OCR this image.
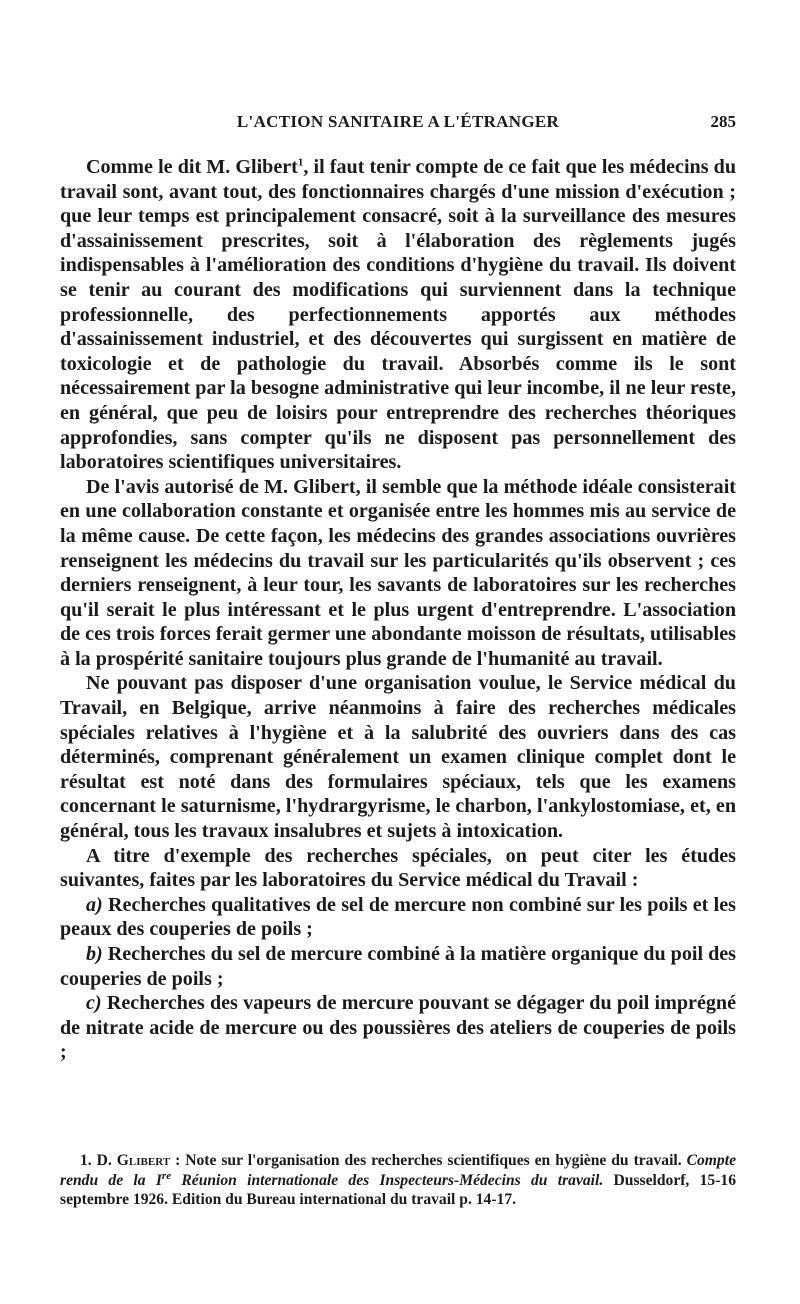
L'ACTION SANITAIRE A L'ÉTRANGER	285

Comme le dit M. Glibert$^1$, il faut tenir compte de ce fait que les médecins du travail sont, avant tout, des fonctionnaires chargés d'une mission d'exécution ; que leur temps est principalement consacré, soit à la surveillance des mesures d'assainissement prescrites, soit à l'élaboration des règlements jugés indispensables à l'amélioration des conditions d'hygiène du travail. Ils doivent se tenir au courant des modifications qui surviennent dans la technique professionnelle, des perfectionnements apportés aux méthodes d'assainissement industriel, et des découvertes qui surgissent en matière de toxicologie et de pathologie du travail. Absorbés comme ils le sont nécessairement par la besogne administrative qui leur incombe, il ne leur reste, en général, que peu de loisirs pour entreprendre des recherches théoriques approfondies, sans compter qu'ils ne disposent pas personnellement des laboratoires scientifiques universitaires.

De l'avis autorisé de M. Glibert, il semble que la méthode idéale consisterait en une collaboration constante et organisée entre les hommes mis au service de la même cause. De cette façon, les médecins des grandes associations ouvrières renseignent les médecins du travail sur les particularités qu'ils observent ; ces derniers renseignent, à leur tour, les savants de laboratoires sur les recherches qu'il serait le plus intéressant et le plus urgent d'entreprendre. L'association de ces trois forces ferait germer une abondante moisson de résultats, utilisables à la prospérité sanitaire toujours plus grande de l'humanité au travail.

Ne pouvant pas disposer d'une organisation voulue, le Service médical du Travail, en Belgique, arrive néanmoins à faire des recherches médicales spéciales relatives à l'hygiène et à la salubrité des ouvriers dans des cas déterminés, comprenant généralement un examen clinique complet dont le résultat est noté dans des formulaires spéciaux, tels que les examens concernant le saturnisme, l'hydrargyrisme, le charbon, l'ankylostomiase, et, en général, tous les travaux insalubres et sujets à intoxication.

A titre d'exemple des recherches spéciales, on peut citer les études suivantes, faites par les laboratoires du Service médical du Travail :

a) Recherches qualitatives de sel de mercure non combiné sur les poils et les peaux des couperies de poils ;

b) Recherches du sel de mercure combiné à la matière organique du poil des couperies de poils ;

c) Recherches des vapeurs de mercure pouvant se dégager du poil imprégné de nitrate acide de mercure ou des poussières des ateliers de couperies de poils ;

1. D. Glibert : Note sur l'organisation des recherches scientifiques en hygiène du travail. Compte rendu de la Ire Réunion internationale des Inspecteurs-Médecins du travail. Dusseldorf, 15-16 septembre 1926. Edition du Bureau international du travail p. 14-17.
